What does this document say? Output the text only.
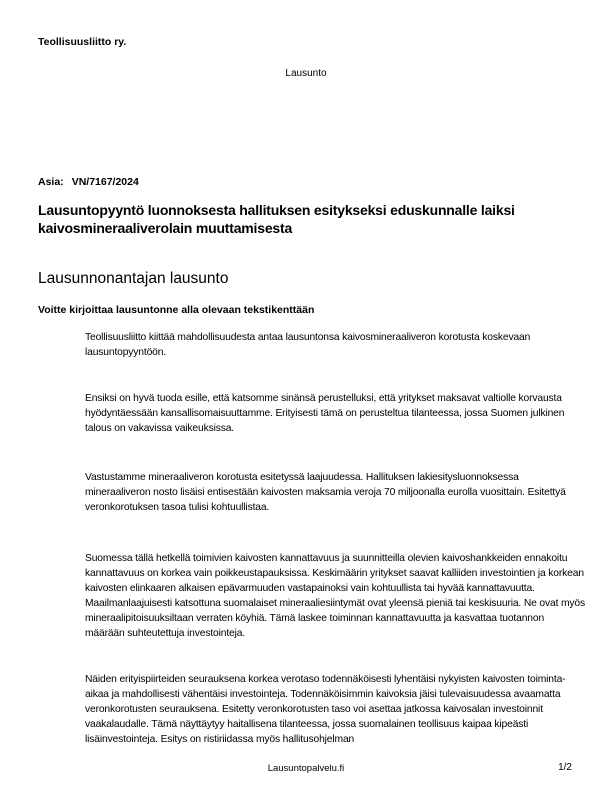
Teollisuusliitto ry.
Lausunto
Asia: VN/7167/2024
Lausuntopyyntö luonnoksesta hallituksen esitykseksi eduskunnalle laiksi kaivosmineraaliverolain muuttamisesta
Lausunnonantajan lausunto
Voitte kirjoittaa lausuntonne alla olevaan tekstikenttään

Teollisuusliitto kiittää mahdollisuudesta antaa lausuntonsa kaivosmineraaliveron korotusta koskevaan lausuntopyyntöön.

Ensiksi on hyvä tuoda esille, että katsomme sinänsä perustelluksi, että yritykset maksavat valtiolle korvausta hyödyntäessään kansallisomaisuuttamme. Erityisesti tämä on perusteltua tilanteessa, jossa Suomen julkinen talous on vakavissa vaikeuksissa.

Vastustamme mineraaliveron korotusta esitetyssä laajuudessa. Hallituksen lakiesitysluonnoksessa mineraaliveron nosto lisäisi entisestään kaivosten maksamia veroja 70 miljoonalla eurolla vuosittain. Esitettyä veronkorotuksen tasoa tulisi kohtuullistaa.

Suomessa tällä hetkellä toimivien kaivosten kannattavuus ja suunnitteilla olevien kaivoshankkeiden ennakoitu kannattavuus on korkea vain poikkeustapauksissa. Keskimäärin yritykset saavat kalliiden investointien ja korkean kaivosten elinkaaren alkaisen epävarmuuden vastapainoksi vain kohtuullista tai hyvää kannattavuutta. Maailmanlaajuisesti katsottuna suomalaiset mineraaliesiintymät ovat yleensä pieniä tai keskisuuria. Ne ovat myös mineraalipitoisuuksiltaan verraten köyhiä. Tämä laskee toiminnan kannattavuutta ja kasvattaa tuotannon määrään suhteutettuja investointeja.

Näiden erityispiirteiden seurauksena korkea verotaso todennäköisesti lyhentäisi nykyisten kaivosten toiminta-aikaa ja mahdollisesti vähentäisi investointeja. Todennäköisimmin kaivoksia jäisi tulevaisuudessa avaamatta veronkorotusten seurauksena. Esitetty veronkorotusten taso voi asettaa jatkossa kaivosalan investoinnit vaakalaudalle. Tämä näyttäytyy haitallisena tilanteessa, jossa suomalainen teollisuus kaipaa kipeästi lisäinvestointeja. Esitys on ristiriidassa myös hallitusohjelman

Lausuntopalvelu.fi	1/2
